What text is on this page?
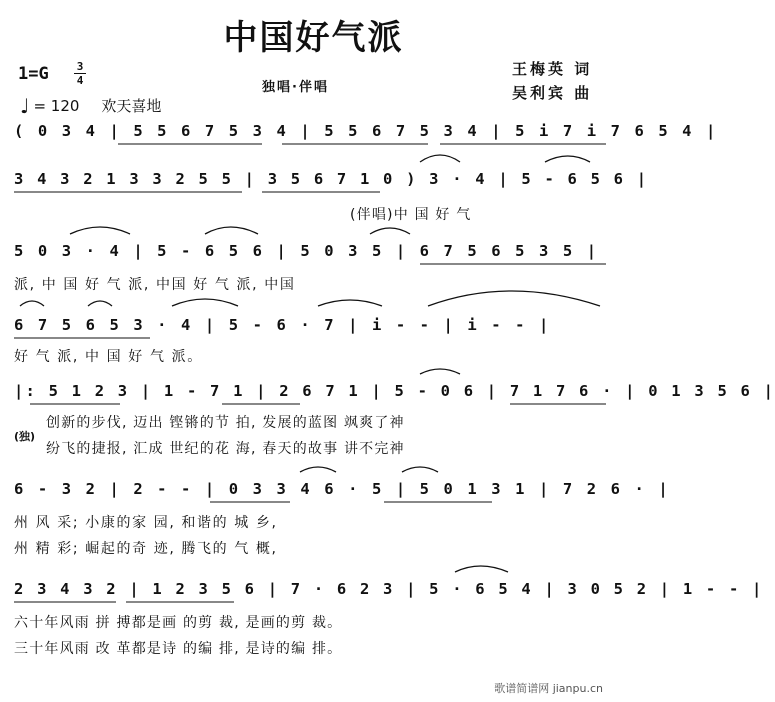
中国好气派
1=G	3
4
♩ = 120 欢天喜地
独唱·伴唱
王梅英 词
吴利宾 曲
( 0 3 4 | 5 5 6 7 5 3 4 | 5 5 6 7 5 3 4 | 5 i 7 i 7 6 5 4 |
3 4 3 2 1 3 3 2 5 5 | 3 5 6 7 1 0 ) 3 · 4 | 5 - 6 5 6 |
(伴唱)中 国 好 气
5 0 3 · 4 | 5 - 6 5 6 | 5 0 3 5 | 6 7 5 6 5 3 5 |
派, 中 国 好 气 派, 中国 好 气 派, 中国
6 7 5 6 5 3 · 4 | 5 - 6 · 7 | i - - | i - - |
好 气 派, 中 国 好 气 派。
|: 5 1 2 3 | 1 - 7 1 | 2 6 7 1 | 5 - 0 6 | 7 1 7 6 · | 0 1 3 5 6 |
(独)
创新的步伐, 迈出 铿锵的节 拍, 发展的蓝图 飒爽了神
纷飞的捷报, 汇成 世纪的花 海, 春天的故事 讲不完神
6 - 3 2 | 2 - - | 0 3 3 4 6 · 5 | 5 0 1 3 1 | 7 2 6 · |
州 风 采; 小康的家 园, 和谐的 城 乡,
州 精 彩; 崛起的奇 迹, 腾飞的 气 概,
2 3 4 3 2 | 1 2 3 5 6 | 7 · 6 2 3 | 5 · 6 5 4 | 3 0 5 2 | 1 - - |
六十年风雨 拼 搏都是画 的剪 裁, 是画的剪 裁。
三十年风雨 改 革都是诗 的编 排, 是诗的编 排。
歌谱简谱网 jianpu.cn
